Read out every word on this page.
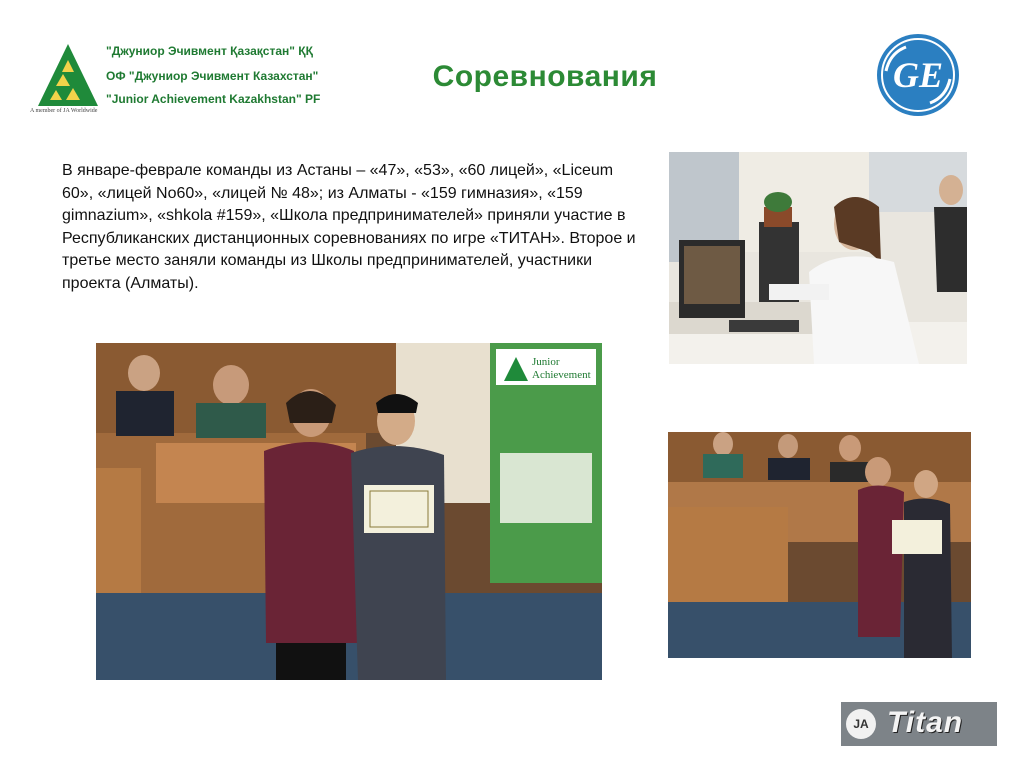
"Джуниор Эчивмент Қазақстан" ҚҚ
ОФ "Джуниор Эчивмент Казахстан"
"Junior Achievement Kazakhstan" PF
A member of JA Worldwide
Соревнования	GE

В январе-феврале команды из Астаны – «47», «53», «60 лицей», «Liceum 60», «лицей No60», «лицей № 48»; из Алматы - «159 гимназия», «159 gimnazium», «shkola #159», «Школа предпринимателей» приняли участие в Республиканских дистанционных соревнованиях по игре «ТИТАН». Второе и третье место заняли команды из Школы предпринимателей, участники проекта (Алматы).

Junior
Achievement
JA Titan
